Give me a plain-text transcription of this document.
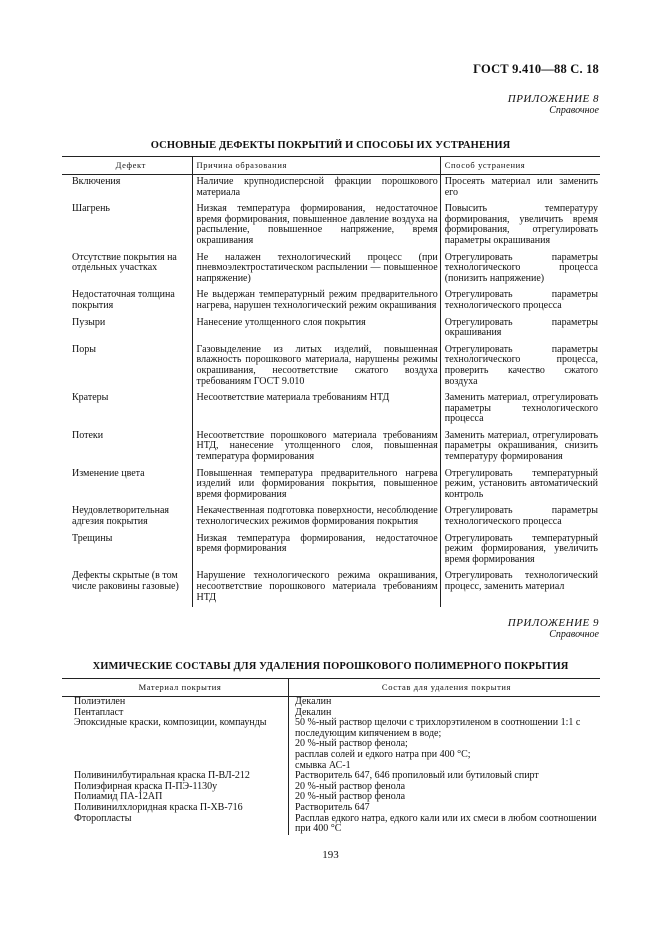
ГОСТ 9.410—88 С. 18
ПРИЛОЖЕНИЕ 8
Справочное
ОСНОВНЫЕ ДЕФЕКТЫ ПОКРЫТИЙ И СПОСОБЫ ИХ УСТРАНЕНИЯ
Дефект	Причина образования	Способ устранения
Включения	Наличие крупнодисперсной фракции порошкового материала	Просеять материал или заменить его
Шагрень	Низкая температура формирования, недостаточное время формирования, повышенное давление воздуха на распыление, повышенное напряжение, время окрашивания	Повысить температуру формирования, увеличить время формирования, отрегулировать параметры окрашивания
Отсутствие покрытия на отдельных участках	Не налажен технологический процесс (при пневмоэлектростатическом распылении — повышенное напряжение)	Отрегулировать параметры технологического процесса (понизить напряжение)
Недостаточная толщина покрытия	Не выдержан температурный режим предварительного нагрева, нарушен технологический режим окрашивания	Отрегулировать параметры технологического процесса
Пузыри	Нанесение утолщенного слоя покрытия	Отрегулировать параметры окрашивания
Поры	Газовыделение из литых изделий, повышенная влажность порошкового материала, нарушены режимы окрашивания, несоответствие сжатого воздуха требованиям ГОСТ 9.010	Отрегулировать параметры технологического процесса, проверить качество сжатого воздуха
Кратеры	Несоответствие материала требованиям НТД	Заменить материал, отрегулировать параметры технологического процесса
Потеки	Несоответствие порошкового материала требованиям НТД, нанесение утолщенного слоя, повышенная температура формирования	Заменить материал, отрегулировать параметры окрашивания, снизить температуру формирования
Изменение цвета	Повышенная температура предварительного нагрева изделий или формирования покрытия, повышенное время формирования	Отрегулировать температурный режим, установить автоматический контроль
Неудовлетворительная адгезия покрытия	Некачественная подготовка поверхности, несоблюдение технологических режимов формирования покрытия	Отрегулировать параметры технологического процесса
Трещины	Низкая температура формирования, недостаточное время формирования	Отрегулировать температурный режим формирования, увеличить время формирования
Дефекты скрытые (в том числе раковины газовые)	Нарушение технологического режима окрашивания, несоответствие порошкового материала требованиям НТД	Отрегулировать технологический процесс, заменить материал
ПРИЛОЖЕНИЕ 9
Справочное
ХИМИЧЕСКИЕ СОСТАВЫ ДЛЯ УДАЛЕНИЯ ПОРОШКОВОГО ПОЛИМЕРНОГО ПОКРЫТИЯ
Материал покрытия	Состав для удаления покрытия
Полиэтилен	Декалин
Пентапласт	Декалин
Эпоксидные краски, композиции, компаунды	50 %-ный раствор щелочи с трихлорэтиленом в соотношении 1:1 с последующим кипячением в воде;
20 %-ный раствор фенола;
расплав солей и едкого натра при 400 °С;
смывка АС-1
Поливинилбутиральная краска П-ВЛ-212	Растворитель 647, 646 пропиловый или бутиловый спирт
Полиэфирная краска П-ПЭ-1130у	20 %-ный раствор фенола
Полиамид ПА-12АП	20 %-ный раствор фенола
Поливинилхлоридная краска П-ХВ-716	Растворитель 647
Фторопласты	Расплав едкого натра, едкого кали или их смеси в любом соотношении при 400 °С
193
